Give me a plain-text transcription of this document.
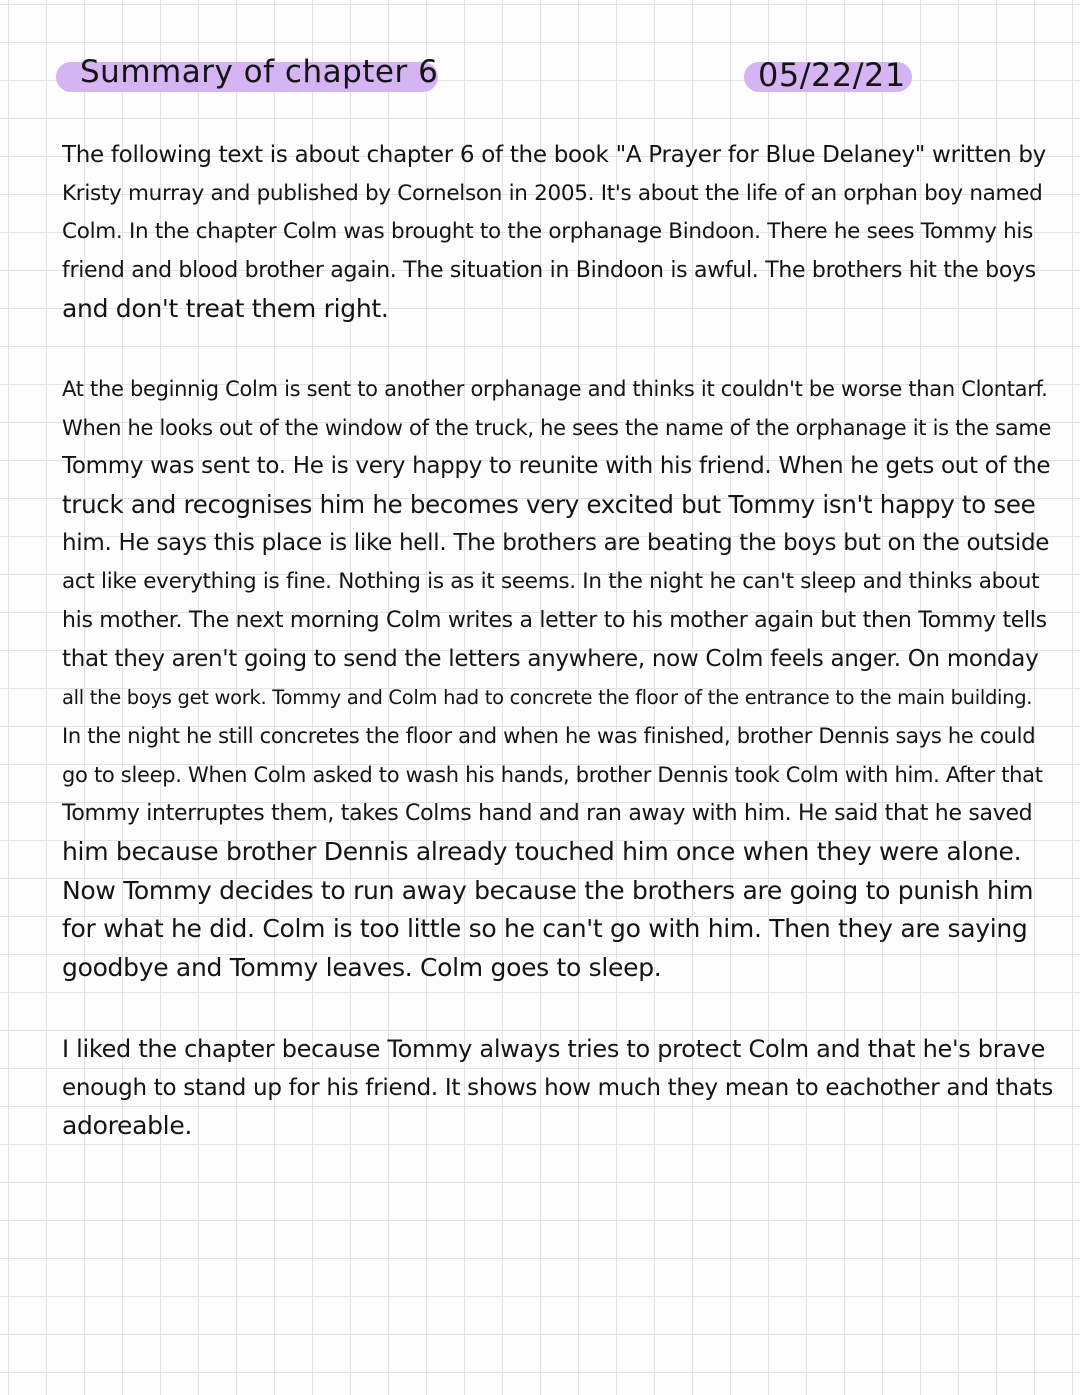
Summary of chapter 6	05/22/21

The following text is about chapter 6 of the book "A Prayer for Blue Delaney" written by
Kristy murray and published by Cornelson in 2005. It's about the life of an orphan boy named
Colm. In the chapter Colm was brought to the orphanage Bindoon. There he sees Tommy his
friend and blood brother again. The situation in Bindoon is awful. The brothers hit the boys
and don't treat them right.

At the beginnig Colm is sent to another orphanage and thinks it couldn't be worse than Clontarf.
When he looks out of the window of the truck, he sees the name of the orphanage it is the same
Tommy was sent to. He is very happy to reunite with his friend. When he gets out of the
truck and recognises him he becomes very excited but Tommy isn't happy to see
him. He says this place is like hell. The brothers are beating the boys but on the outside
act like everything is fine. Nothing is as it seems. In the night he can't sleep and thinks about
his mother. The next morning Colm writes a letter to his mother again but then Tommy tells
that they aren't going to send the letters anywhere, now Colm feels anger. On monday
all the boys get work. Tommy and Colm had to concrete the floor of the entrance to the main building.
In the night he still concretes the floor and when he was finished, brother Dennis says he could
go to sleep. When Colm asked to wash his hands, brother Dennis took Colm with him. After that
Tommy interruptes them, takes Colms hand and ran away with him. He said that he saved
him because brother Dennis already touched him once when they were alone.
Now Tommy decides to run away because the brothers are going to punish him
for what he did. Colm is too little so he can't go with him. Then they are saying
goodbye and Tommy leaves. Colm goes to sleep.

I liked the chapter because Tommy always tries to protect Colm and that he's brave
enough to stand up for his friend. It shows how much they mean to eachother and thats
adoreable.
